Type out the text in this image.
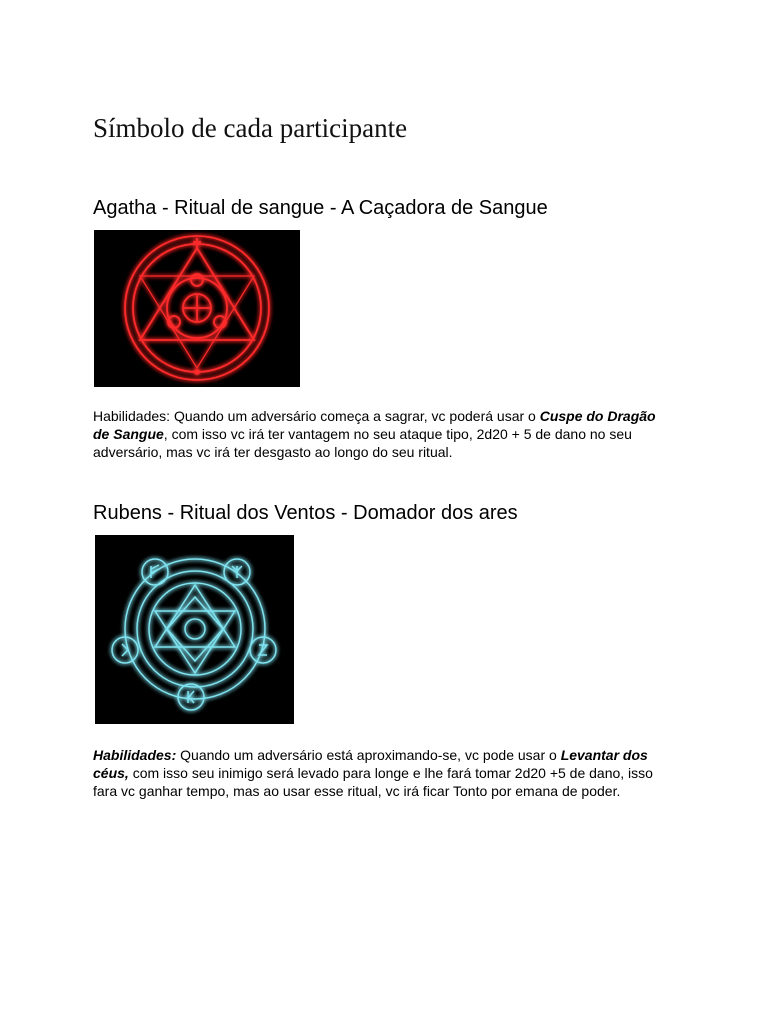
Símbolo de cada participante
Agatha - Ritual de sangue - A Caçadora de Sangue

Habilidades: Quando um adversário começa a sagrar, vc poderá usar o Cuspe do Dragão de Sangue, com isso vc irá ter vantagem no seu ataque tipo, 2d20 + 5 de dano no seu adversário, mas vc irá ter desgasto ao longo do seu ritual.

Rubens - Ritual dos Ventos - Domador dos ares

Habilidades: Quando um adversário está aproximando-se, vc pode usar o Levantar dos céus, com isso seu inimigo será levado para longe e lhe fará tomar 2d20 +5 de dano, isso fara vc ganhar tempo, mas ao usar esse ritual, vc irá ficar Tonto por emana de poder.
